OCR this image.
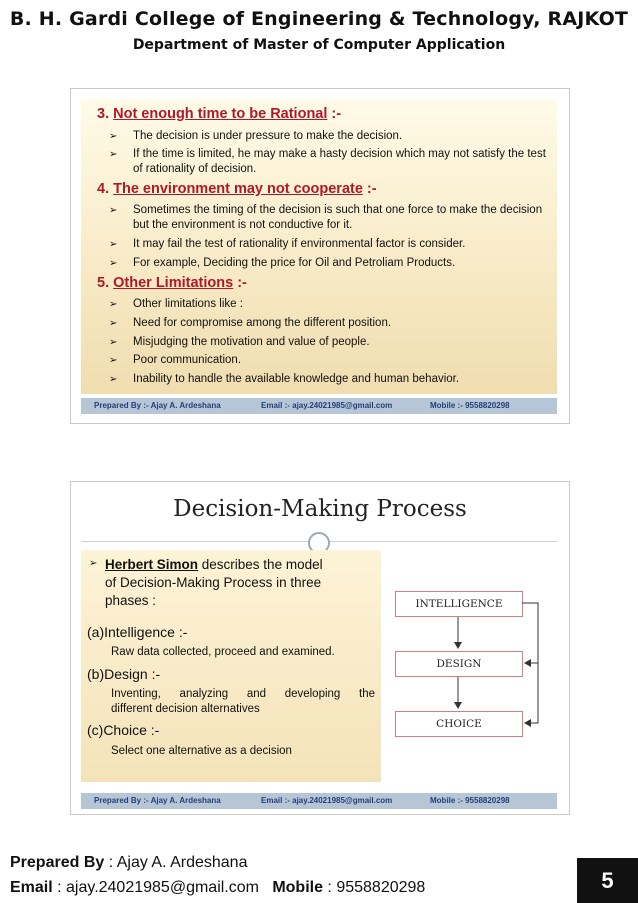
B. H. Gardi College of Engineering & Technology, RAJKOT
Department of Master of Computer Application
3. Not enough time to be Rational :-
➢	The decision is under pressure to make the decision.
➢	If the time is limited, he may make a hasty decision which may not satisfy the test of rationality of decision.
4. The environment may not cooperate :-
➢	Sometimes the timing of the decision is such that one force to make the decision but the environment is not conductive for it.
➢	It may fail the test of rationality if environmental factor is consider.
➢	For example, Deciding the price for Oil and Petroliam Products.
5. Other Limitations :-
➢	Other limitations like :
➢	Need for compromise among the different position.
➢	Misjudging the motivation and value of people.
➢	Poor communication.
➢	Inability to handle the available knowledge and human behavior.
Prepared By :- Ajay A. Ardeshana	Email :- ajay.24021985@gmail.com	Mobile :- 9558820298
Decision-Making Process
➢ Herbert Simon describes the model
of Decision-Making Process in three
phases :
(a)Intelligence :-
Raw data collected, proceed and examined.
(b)Design :-
Inventing, analyzing and developing the
different decision alternatives
(c)Choice :-
Select one alternative as a decision
INTELLIGENCE
DESIGN
CHOICE
Prepared By :- Ajay A. Ardeshana	Email :- ajay.24021985@gmail.com	Mobile :- 9558820298
Prepared By : Ajay A. Ardeshana
Email : ajay.24021985@gmail.com Mobile : 9558820298	5
